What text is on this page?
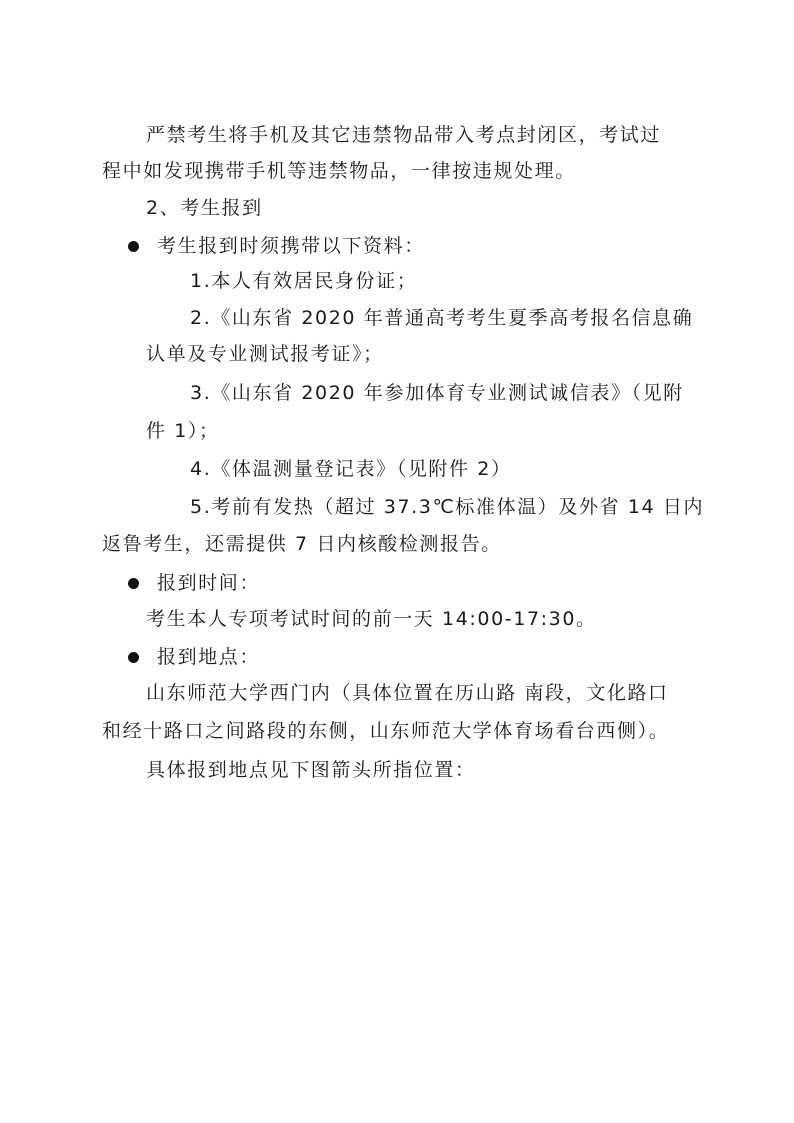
严禁考生将手机及其它违禁物品带入考点封闭区，考试过
程中如发现携带手机等违禁物品，一律按违规处理。
2、考生报到
考生报到时须携带以下资料：
1.本人有效居民身份证；
2.《山东省 2020 年普通高考考生夏季高考报名信息确
认单及专业测试报考证》；
3.《山东省 2020 年参加体育专业测试诚信表》（见附
件 1）；
4.《体温测量登记表》（见附件 2）
5.考前有发热（超过 37.3℃标准体温）及外省 14 日内
返鲁考生，还需提供 7 日内核酸检测报告。
报到时间：
考生本人专项考试时间的前一天 14:00-17:30。
报到地点：
山东师范大学西门内（具体位置在历山路 南段，文化路口
和经十路口之间路段的东侧，山东师范大学体育场看台西侧）。
具体报到地点见下图箭头所指位置：
